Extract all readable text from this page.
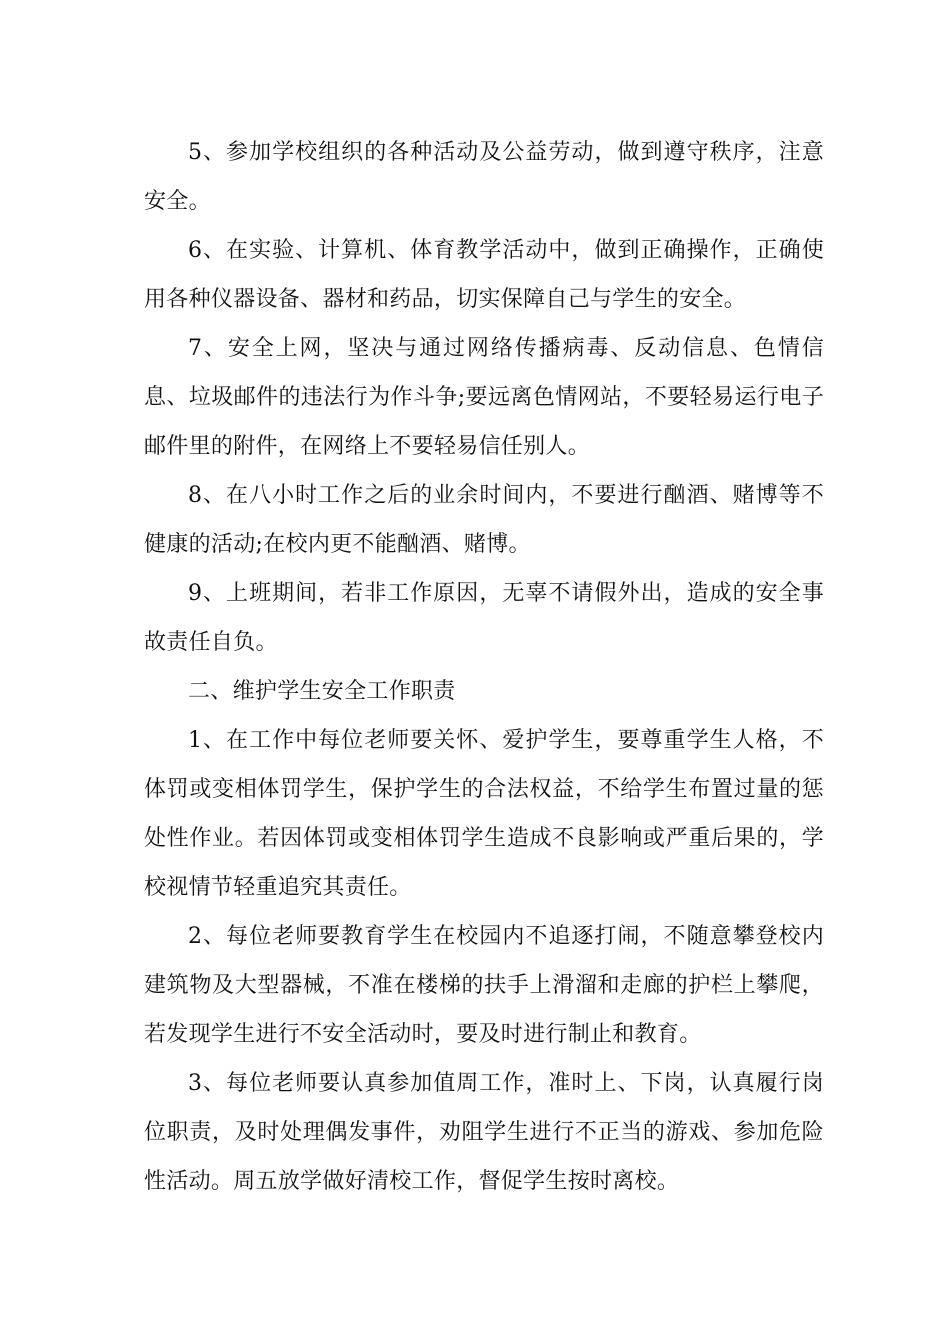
5、参加学校组织的各种活动及公益劳动，做到遵守秩序，注意安全。

6、在实验、计算机、体育教学活动中，做到正确操作，正确使用各种仪器设备、器材和药品，切实保障自己与学生的安全。

7、安全上网，坚决与通过网络传播病毒、反动信息、色情信息、垃圾邮件的违法行为作斗争;要远离色情网站，不要轻易运行电子邮件里的附件，在网络上不要轻易信任别人。

8、在八小时工作之后的业余时间内，不要进行酗酒、赌博等不健康的活动;在校内更不能酗酒、赌博。

9、上班期间，若非工作原因，无辜不请假外出，造成的安全事故责任自负。

二、维护学生安全工作职责

1、在工作中每位老师要关怀、爱护学生，要尊重学生人格，不体罚或变相体罚学生，保护学生的合法权益，不给学生布置过量的惩处性作业。若因体罚或变相体罚学生造成不良影响或严重后果的，学校视情节轻重追究其责任。

2、每位老师要教育学生在校园内不追逐打闹，不随意攀登校内建筑物及大型器械，不准在楼梯的扶手上滑溜和走廊的护栏上攀爬，若发现学生进行不安全活动时，要及时进行制止和教育。

3、每位老师要认真参加值周工作，准时上、下岗，认真履行岗位职责，及时处理偶发事件，劝阻学生进行不正当的游戏、参加危险性活动。周五放学做好清校工作，督促学生按时离校。
